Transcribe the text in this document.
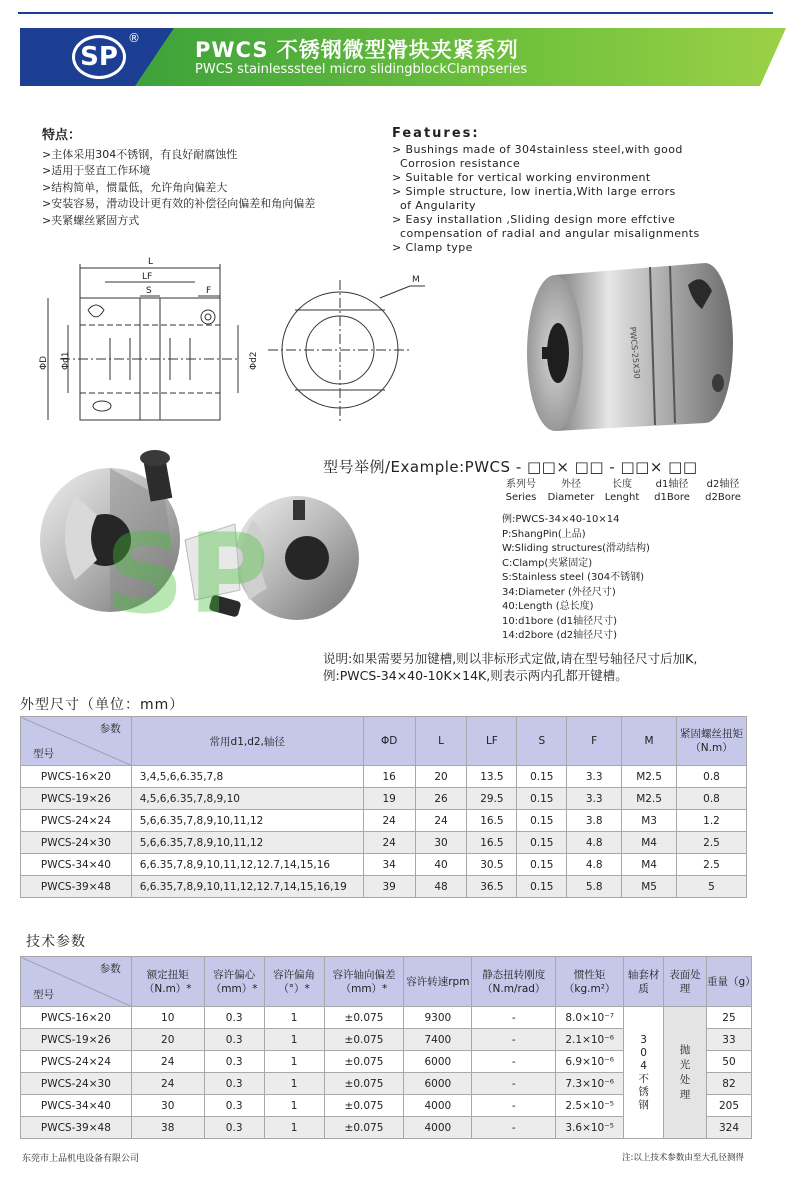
SP
®	PWCS 不锈钢微型滑块夹紧系列
PWCS stainlesssteel micro slidingblockClampseries
特点：
>主体采用304不锈钢，有良好耐腐蚀性
>适用于竖直工作环境
>结构简单，惯量低，允许角向偏差大
>安装容易，滑动设计更有效的补偿径向偏差和角向偏差
>夹紧螺丝紧固方式
Features:
> Bushings made of 304stainless steel,with good
Corrosion resistance
> Suitable for vertical working environment
> Simple structure, low inertia,With large errors
of Angularity
> Easy installation ,Sliding design more effctive
compensation of radial and angular misalignments
> Clamp type
L
LF
S	F
M
ΦD Φd1	Φd2	PWCS-25X30
SP
型号举例/Example:PWCS - □□× □□ - □□× □□
系列号
Series
外径
Diameter
长度
Lenght
d1轴径
d1Bore
d2轴径
d2Bore
例:PWCS-34×40-10×14
P:ShangPin(上品)
W:Sliding structures(滑动结构)
C:Clamp(夹紧固定)
S:Stainless steel (304不锈钢)
34:Diameter (外径尺寸)
40:Length (总长度)
10:d1bore (d1轴径尺寸)
14:d2bore (d2轴径尺寸)
说明:如果需要另加键槽,则以非标形式定做,请在型号轴径尺寸后加K,
例:PWCS-34×40-10K×14K,则表示两内孔都开键槽。
外型尺寸（单位：mm）
参数
型号	常用d1,d2,轴径	ΦD	L	LF	S	F	M	紧固螺丝扭矩（N.m）
PWCS-16×20	3,4,5,6,6.35,7,8	16	20	13.5	0.15	3.3	M2.5	0.8
PWCS-19×26	4,5,6,6.35,7,8,9,10	19	26	29.5	0.15	3.3	M2.5	0.8
PWCS-24×24	5,6,6.35,7,8,9,10,11,12	24	24	16.5	0.15	3.8	M3	1.2
PWCS-24×30	5,6,6.35,7,8,9,10,11,12	24	30	16.5	0.15	4.8	M4	2.5
PWCS-34×40	6,6.35,7,8,9,10,11,12,12.7,14,15,16	34	40	30.5	0.15	4.8	M4	2.5
PWCS-39×48	6,6.35,7,8,9,10,11,12,12.7,14,15,16,19	39	48	36.5	0.15	5.8	M5	5
技术参数
参数
型号	额定扭矩（N.m）*	容许偏心（mm）*	容许偏角（°）*	容许轴向偏差（mm）*	容许转速rpm	静态扭转刚度（N.m/rad）	惯性矩（kg.m²）	轴套材质	表面处理	重量（g）
PWCS-16×20	10	0.3	1	±0.075	9300	-	8.0×10⁻⁷	304不锈钢	抛光处理	25
PWCS-19×26	20	0.3	1	±0.075	7400	-	2.1×10⁻⁶			33
PWCS-24×24	24	0.3	1	±0.075	6000	-	6.9×10⁻⁶			50
PWCS-24×30	24	0.3	1	±0.075	6000	-	7.3×10⁻⁶			82
PWCS-34×40	30	0.3	1	±0.075	4000	-	2.5×10⁻⁵			205
PWCS-39×48	38	0.3	1	±0.075	4000	-	3.6×10⁻⁵			324
东莞市上品机电设备有限公司	注:以上技术参数由至大孔径测得
